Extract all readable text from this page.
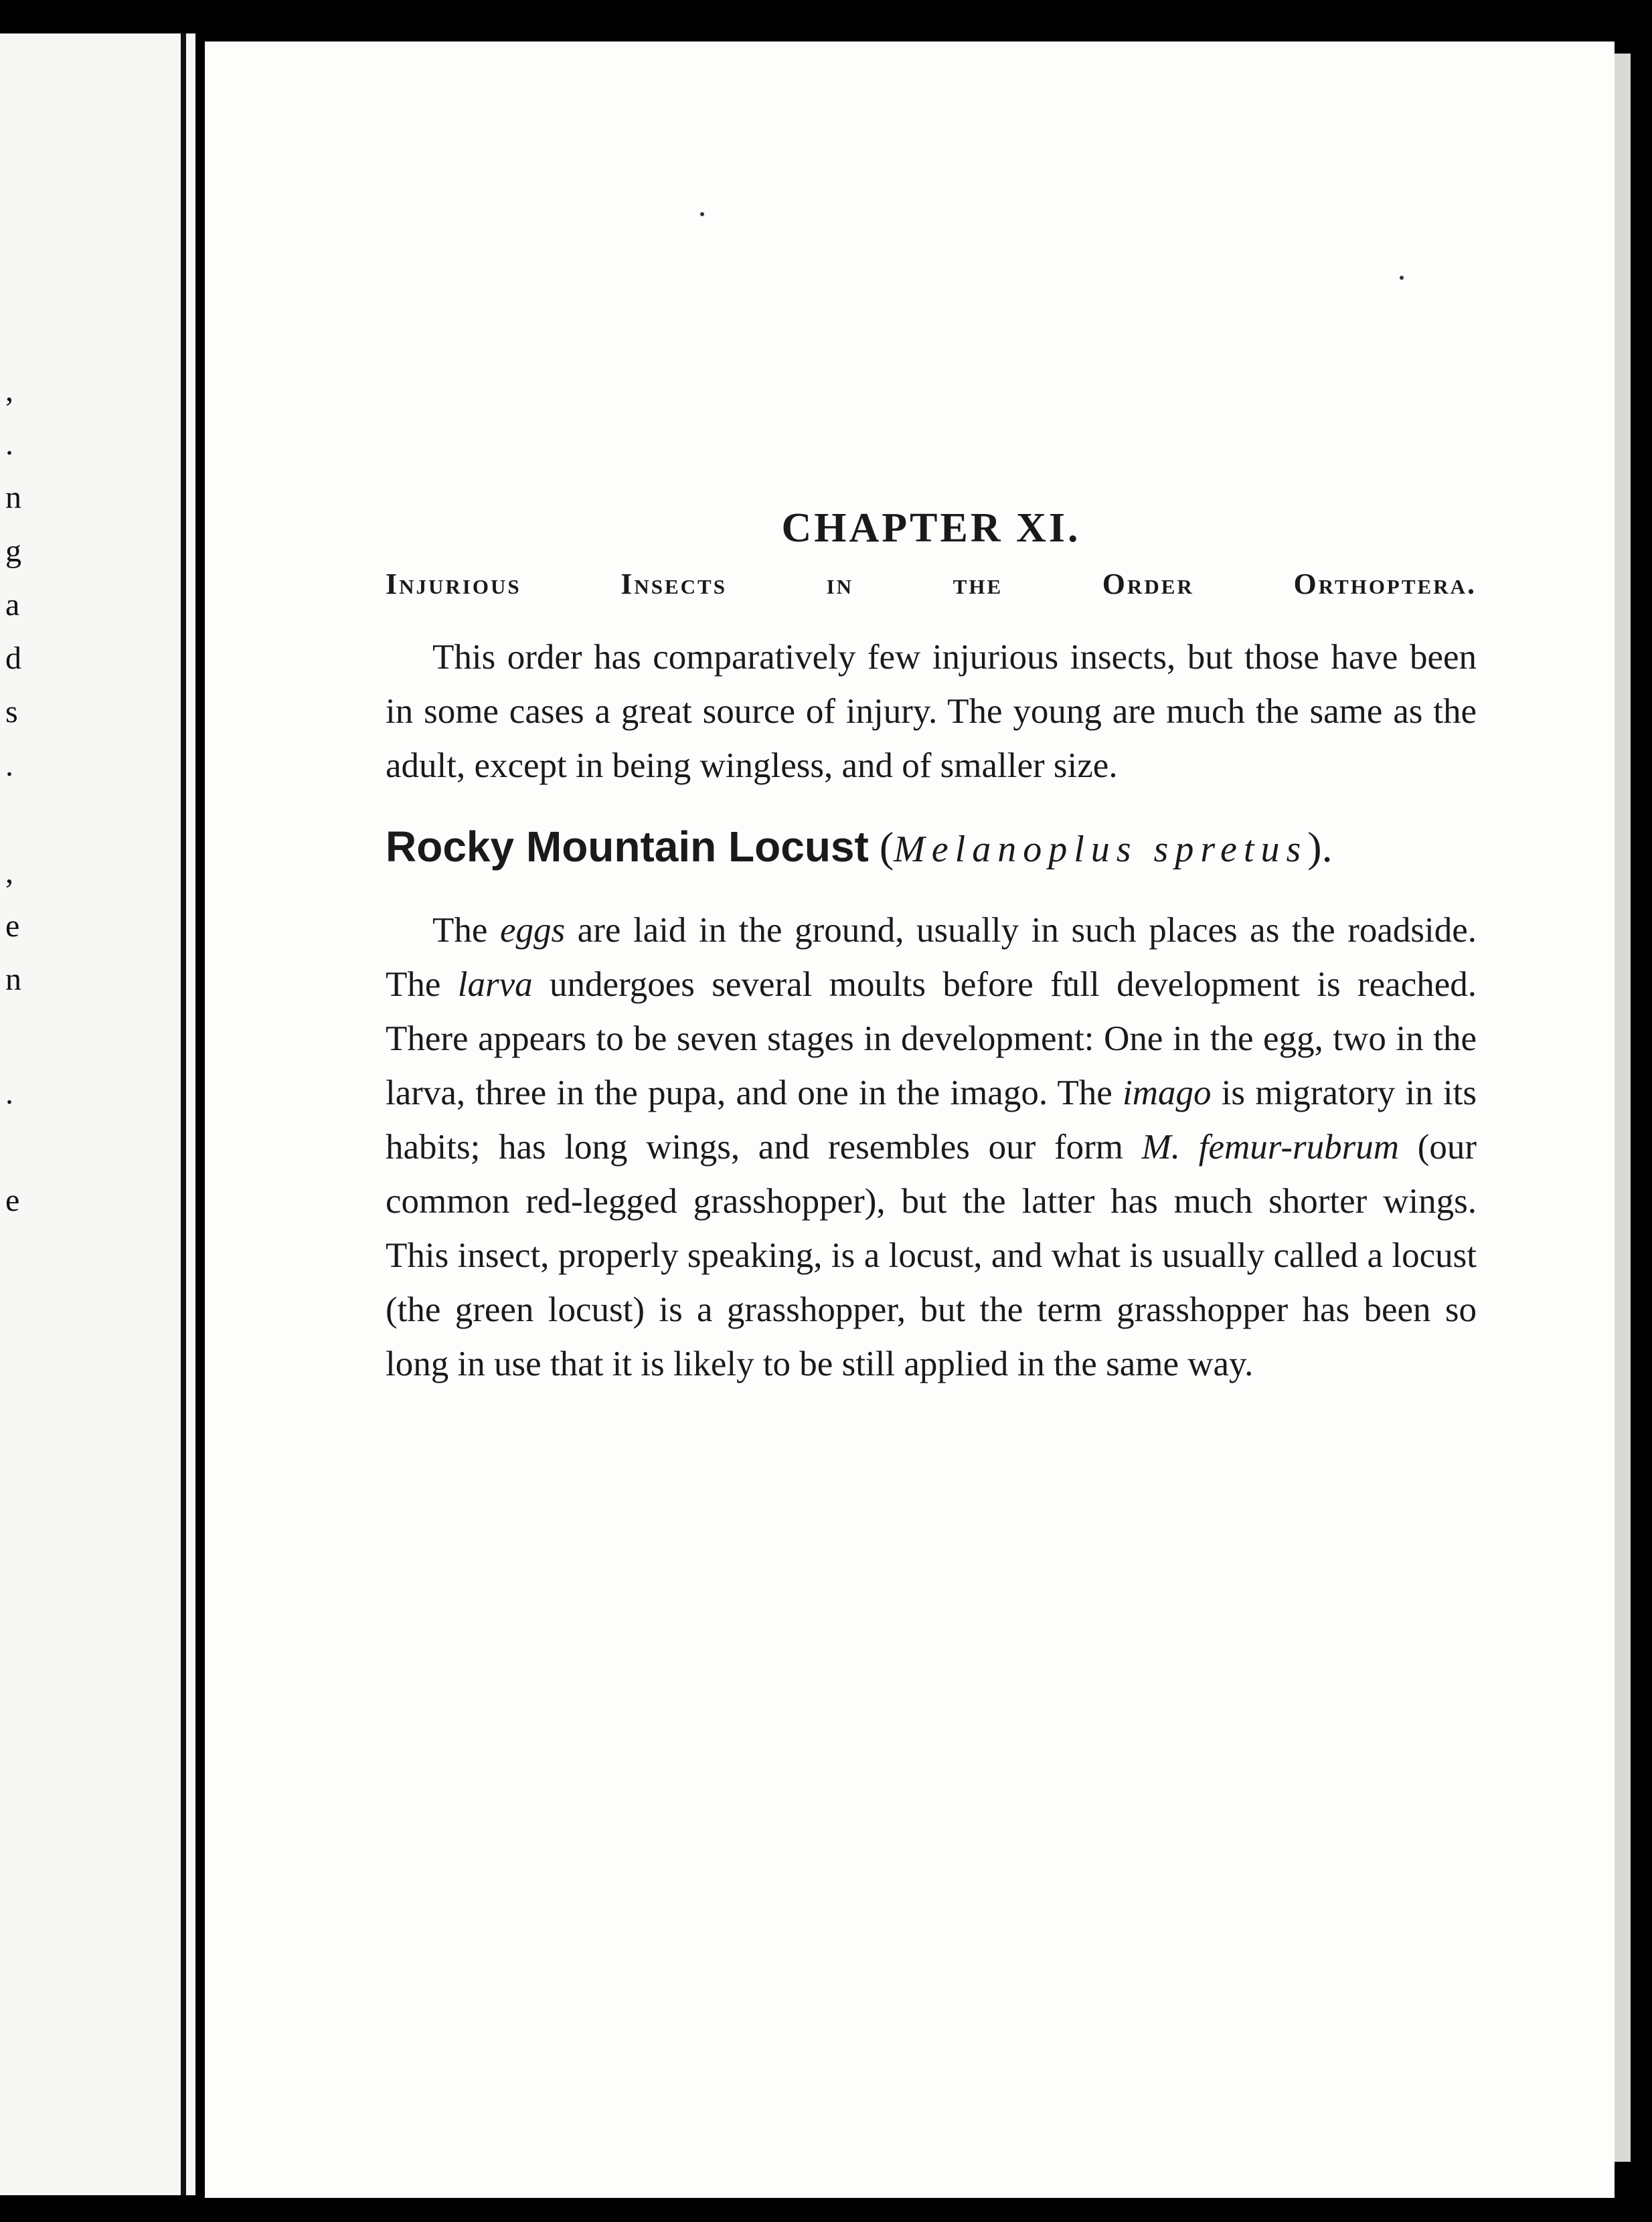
,
.
n
g
a
d
s
.
,
e
n
.
e
CHAPTER XI.
Injurious Insects in the Order Orthoptera.

This order has comparatively few injurious insects, but those have been in some cases a great source of injury. The young are much the same as the adult, except in being wingless, and of smaller size.

Rocky Mountain Locust (Melanoplus spretus).

The eggs are laid in the ground, usually in such places as the roadside. The larva undergoes several moults before full development is reached. There appears to be seven stages in development: One in the egg, two in the larva, three in the pupa, and one in the imago. The imago is migratory in its habits; has long wings, and resembles our form M. femur-rubrum (our common red-legged grasshopper), but the latter has much shorter wings. This insect, properly speaking, is a locust, and what is usually called a locust (the green locust) is a grasshopper, but the term grasshopper has been so long in use that it is likely to be still applied in the same way.
